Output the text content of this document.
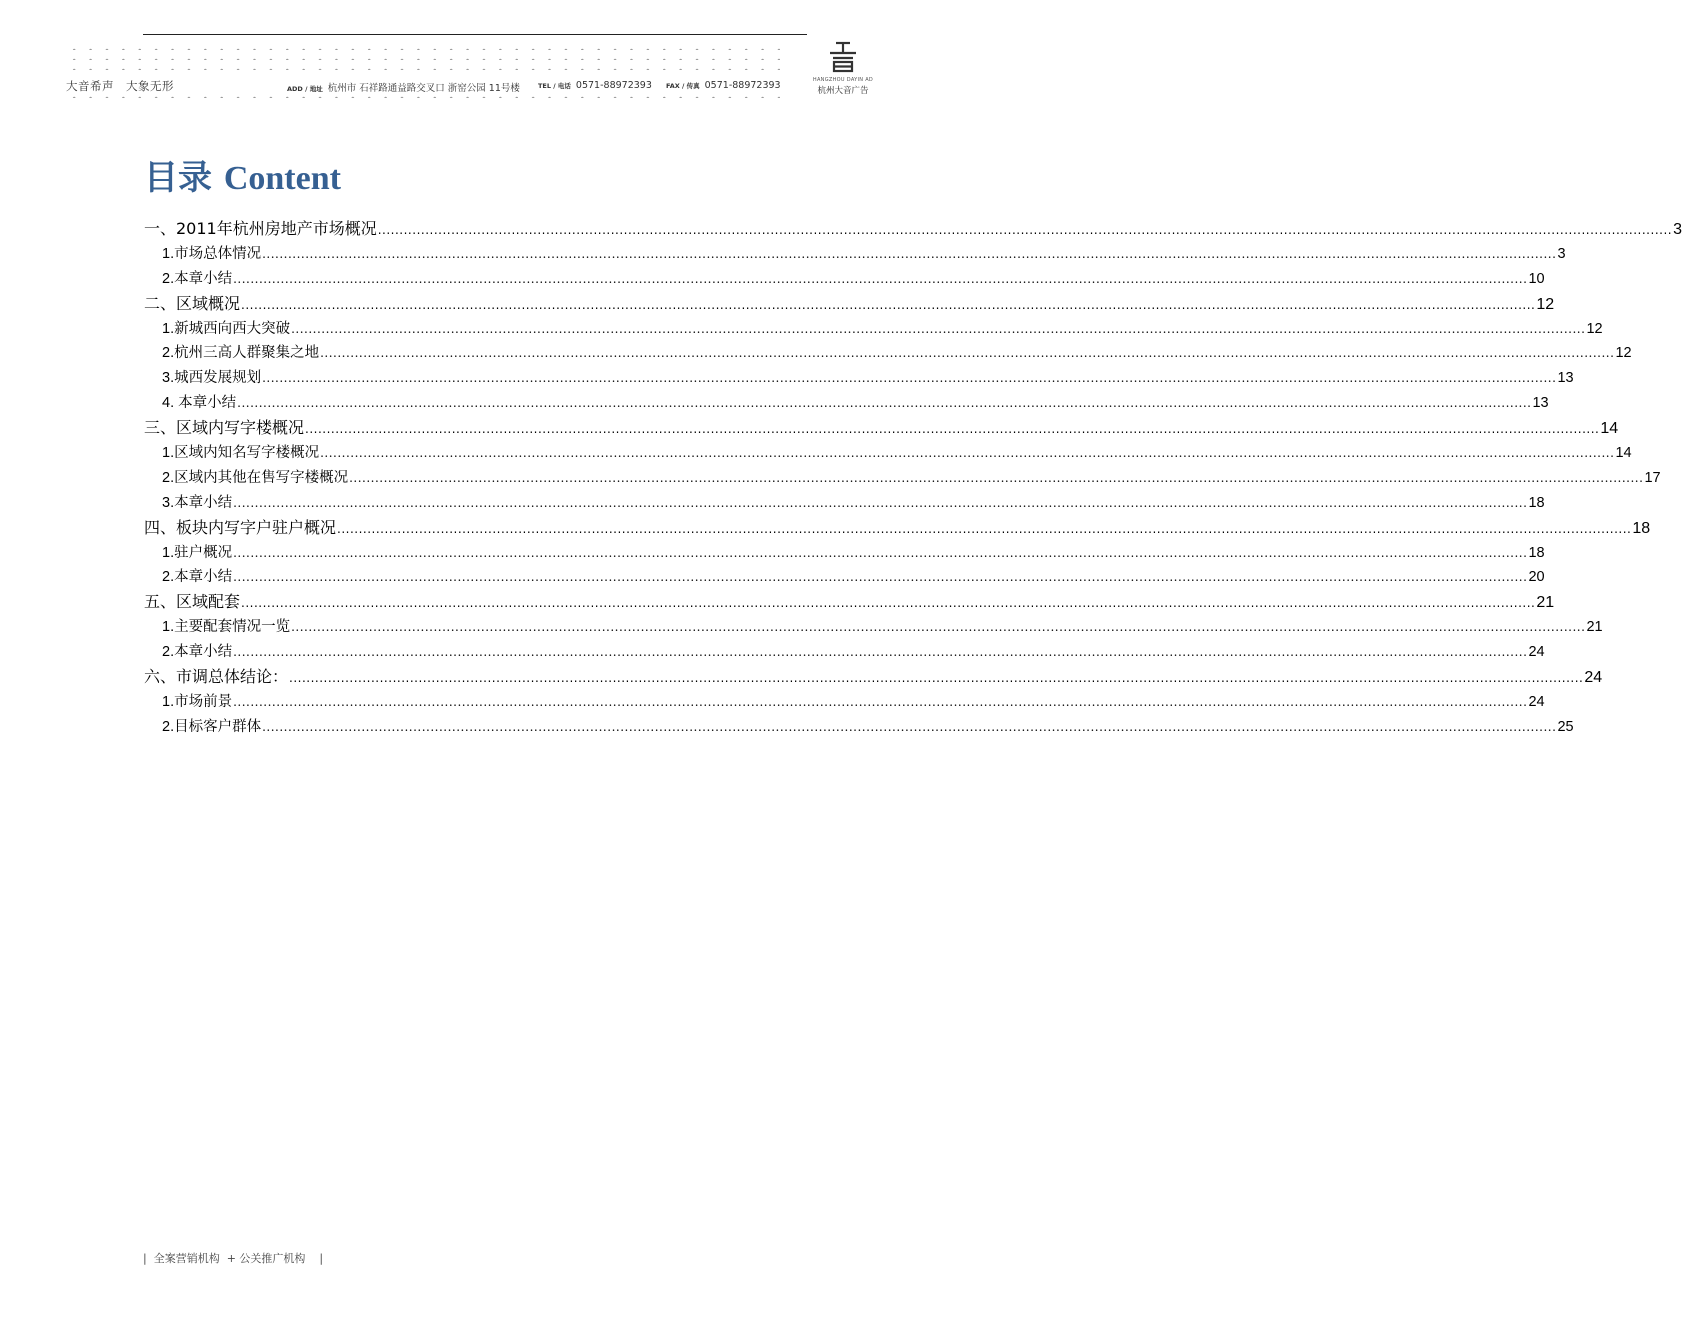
大音希声　大象无形	ADD / 地址 杭州市 石祥路通益路交叉口 浙窑公园 11号楼	TEL / 电话 0571-88972393 FAX / 传真 0571-88972393	HANGZHOU DAYIN AD
杭州大音广告
目录 Content
一、2011年杭州房地产市场概况 ............................................................................................................................................................................................................................................................................................................ 3
1.市场总体情况 ............................................................................................................................................................................................................................................................................................................ 3
2.本章小结 ............................................................................................................................................................................................................................................................................................................ 10
二、区域概况 ............................................................................................................................................................................................................................................................................................................ 12
1.新城西向西大突破 ............................................................................................................................................................................................................................................................................................................ 12
2.杭州三高人群聚集之地 ............................................................................................................................................................................................................................................................................................................ 12
3.城西发展规划 ............................................................................................................................................................................................................................................................................................................ 13
4. 本章小结 ............................................................................................................................................................................................................................................................................................................ 13
三、区域内写字楼概况 ............................................................................................................................................................................................................................................................................................................ 14
1.区域内知名写字楼概况 ............................................................................................................................................................................................................................................................................................................ 14
2.区域内其他在售写字楼概况 ............................................................................................................................................................................................................................................................................................................ 17
3.本章小结 ............................................................................................................................................................................................................................................................................................................ 18
四、板块内写字户驻户概况 ............................................................................................................................................................................................................................................................................................................ 18
1.驻户概况 ............................................................................................................................................................................................................................................................................................................ 18
2.本章小结 ............................................................................................................................................................................................................................................................................................................ 20
五、区域配套 ............................................................................................................................................................................................................................................................................................................ 21
1.主要配套情况一览 ............................................................................................................................................................................................................................................................................................................ 21
2.本章小结 ............................................................................................................................................................................................................................................................................................................ 24
六、市调总体结论： ............................................................................................................................................................................................................................................................................................................ 24
1.市场前景 ............................................................................................................................................................................................................................................................................................................ 24
2.目标客户群体 ............................................................................................................................................................................................................................................................................................................ 25
|  全案营销机构  + 公关推广机构    |
